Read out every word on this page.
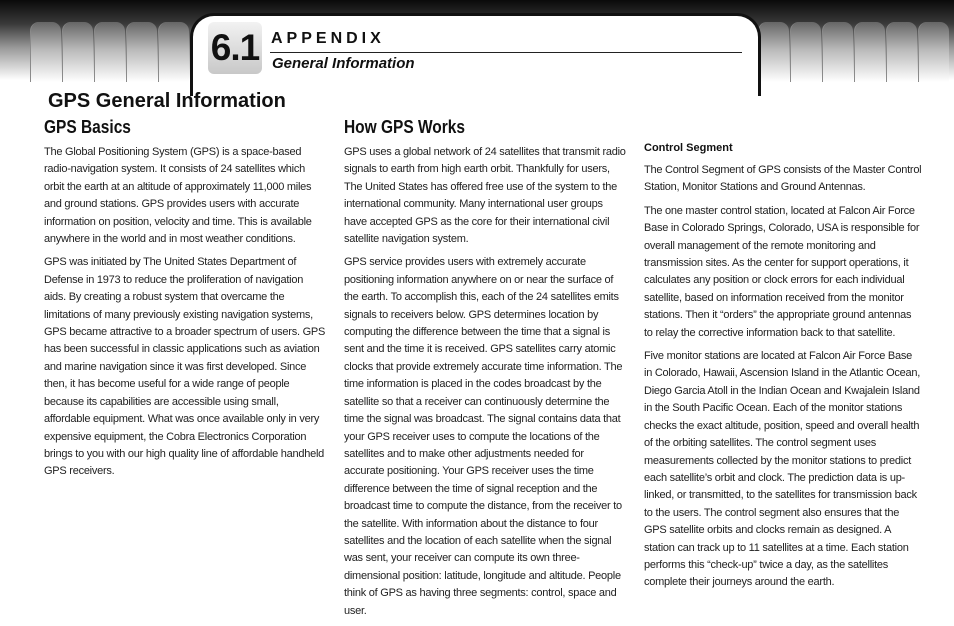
6.1 APPENDIX
General Information
GPS General Information
GPS Basics

The Global Positioning System (GPS) is a space-based radio-navigation system. It consists of 24 satellites which orbit the earth at an altitude of approximately 11,000 miles and ground stations. GPS provides users with accurate information on position, velocity and time. This is available anywhere in the world and in most weather conditions.

GPS was initiated by The United States Department of Defense in 1973 to reduce the proliferation of navigation aids. By creating a robust system that overcame the limitations of many previously existing navigation systems, GPS became attractive to a broader spectrum of users. GPS has been successful in classic applications such as aviation and marine navigation since it was first developed. Since then, it has become useful for a wide range of people because its capabilities are accessible using small, affordable equipment. What was once available only in very expensive equipment, the Cobra Electronics Corporation brings to you with our high quality line of affordable handheld GPS receivers.

How GPS Works

GPS uses a global network of 24 satellites that transmit radio signals to earth from high earth orbit. Thankfully for users, The United States has offered free use of the system to the international community. Many international user groups have accepted GPS as the core for their international civil satellite navigation system.

GPS service provides users with extremely accurate positioning information anywhere on or near the surface of the earth. To accomplish this, each of the 24 satellites emits signals to receivers below. GPS determines location by computing the difference between the time that a signal is sent and the time it is received. GPS satellites carry atomic clocks that provide extremely accurate time information. The time information is placed in the codes broadcast by the satellite so that a receiver can continuously determine the time the signal was broadcast. The signal contains data that your GPS receiver uses to compute the locations of the satellites and to make other adjustments needed for accurate positioning. Your GPS receiver uses the time difference between the time of signal reception and the broadcast time to compute the distance, from the receiver to the satellite. With information about the distance to four satellites and the location of each satellite when the signal was sent, your receiver can compute its own three-dimensional position: latitude, longitude and altitude. People think of GPS as having three segments: control, space and user.

Control Segment

The Control Segment of GPS consists of the Master Control Station, Monitor Stations and Ground Antennas.

The one master control station, located at Falcon Air Force Base in Colorado Springs, Colorado, USA is responsible for overall management of the remote monitoring and transmission sites. As the center for support operations, it calculates any position or clock errors for each individual satellite, based on information received from the monitor stations. Then it “orders” the appropriate ground antennas to relay the corrective information back to that satellite.

Five monitor stations are located at Falcon Air Force Base in Colorado, Hawaii, Ascension Island in the Atlantic Ocean, Diego Garcia Atoll in the Indian Ocean and Kwajalein Island in the South Pacific Ocean. Each of the monitor stations checks the exact altitude, position, speed and overall health of the orbiting satellites. The control segment uses measurements collected by the monitor stations to predict each satellite’s orbit and clock. The prediction data is up-linked, or transmitted, to the satellites for transmission back to the users. The control segment also ensures that the GPS satellite orbits and clocks remain as designed. A station can track up to 11 satellites at a time. Each station performs this “check-up” twice a day, as the satellites complete their journeys around the earth.
